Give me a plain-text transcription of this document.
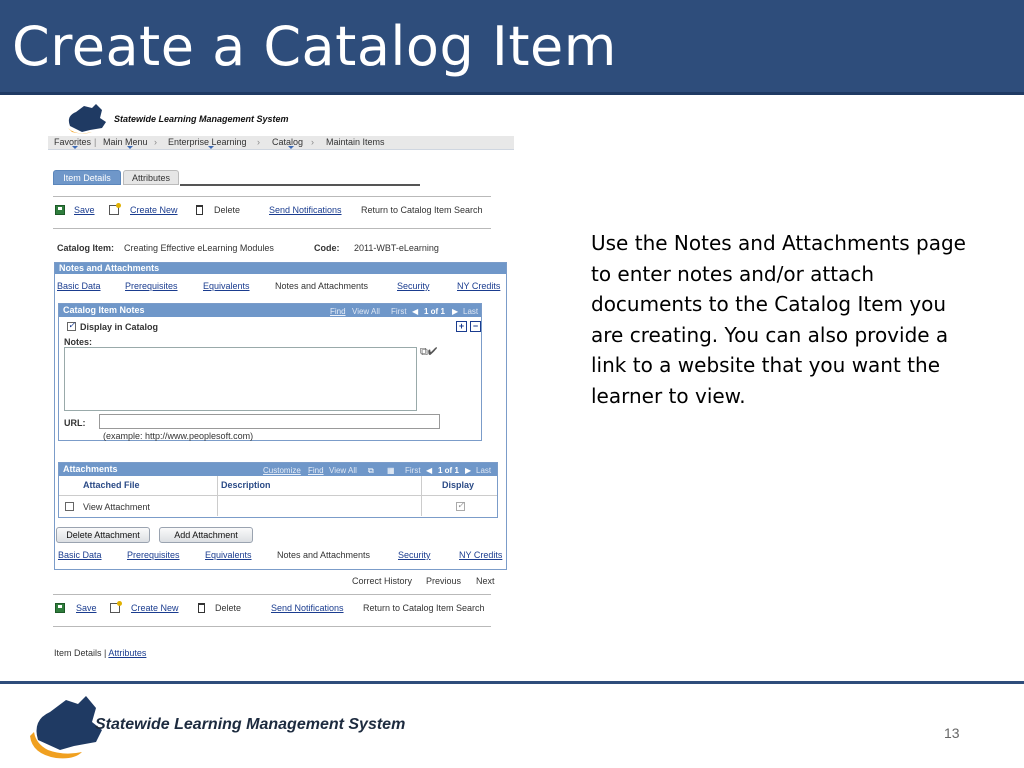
Create a Catalog Item
Statewide Learning Management System
Favorites | Main Menu › Enterprise Learning › Catalog › Maintain Items
Item Details	Attributes
Save	Create New	Delete	Send Notifications Return to Catalog Item Search
Catalog Item: Creating Effective eLearning Modules	Code: 2011-WBT-eLearning
Notes and Attachments
Basic Data	Prerequisites	Equivalents	Notes and Attachments	Security	NY Credits
Catalog Item Notes	Find View All First ◀ 1 of 1 ▶ Last
✓
Display in Catalog
Notes:
⧉✔
+ −
URL:
(example: http://www.peoplesoft.com)
Attachments	Customize Find View All ⧉ ▦ First ◀ 1 of 1 ▶ Last
Attached File	Description	Display
View Attachment
✓
Delete Attachment	Add Attachment
Basic Data	Prerequisites	Equivalents	Notes and Attachments	Security	NY Credits
Correct History Previous Next
Save	Create New	Delete	Send Notifications Return to Catalog Item Search
Item Details | Attributes
Use the Notes and Attachments page to enter notes and/or attach documents to the Catalog Item you are creating. You can also provide a link to a website that you want the learner to view.
Statewide Learning Management System	13
